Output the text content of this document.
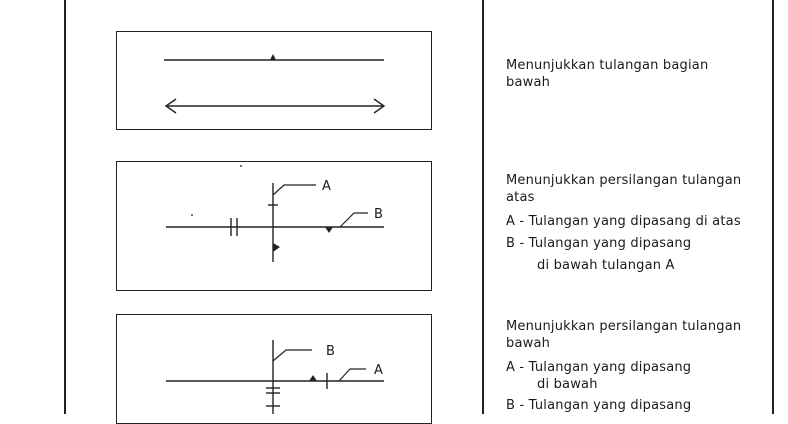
A
B
B
A

Menunjukkan tulangan bagian

bawah

Menunjukkan persilangan tulangan

atas

A - Tulangan yang dipasang di atas

B - Tulangan yang dipasang

di bawah tulangan A

Menunjukkan persilangan tulangan

bawah

A - Tulangan yang dipasang

di bawah

B - Tulangan yang dipasang
